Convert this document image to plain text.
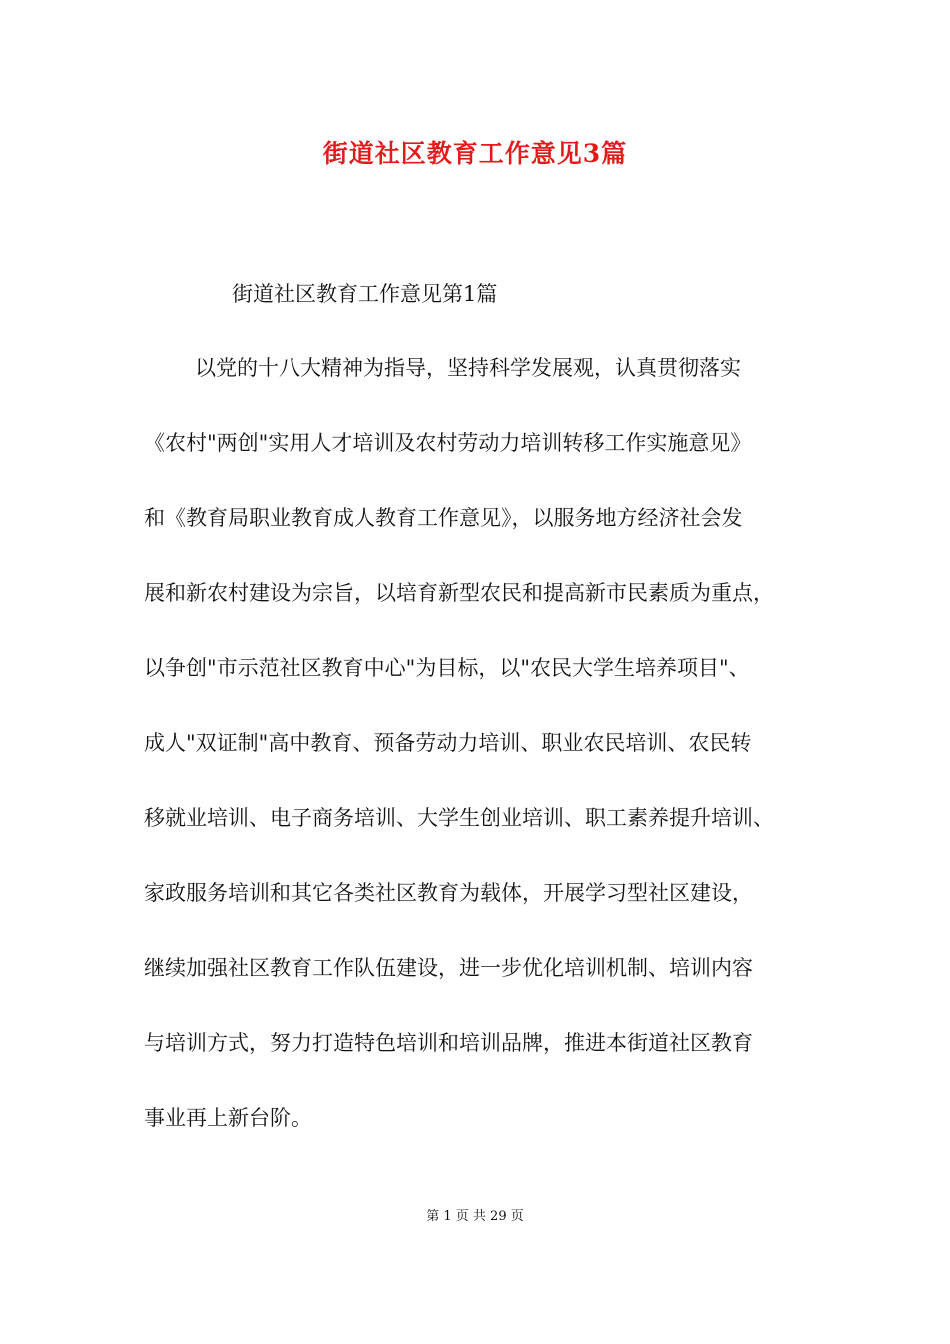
街道社区教育工作意见3篇
街道社区教育工作意见第1篇
以党的十八大精神为指导，坚持科学发展观，认真贯彻落实
《农村"两创"实用人才培训及农村劳动力培训转移工作实施意见》
和《教育局职业教育成人教育工作意见》，以服务地方经济社会发
展和新农村建设为宗旨，以培育新型农民和提高新市民素质为重点，
以争创"市示范社区教育中心"为目标，以"农民大学生培养项目"、
成人"双证制"高中教育、预备劳动力培训、职业农民培训、农民转
移就业培训、电子商务培训、大学生创业培训、职工素养提升培训、
家政服务培训和其它各类社区教育为载体，开展学习型社区建设，
继续加强社区教育工作队伍建设，进一步优化培训机制、培训内容
与培训方式，努力打造特色培训和培训品牌，推进本街道社区教育
事业再上新台阶。
第 1 页 共 29 页
